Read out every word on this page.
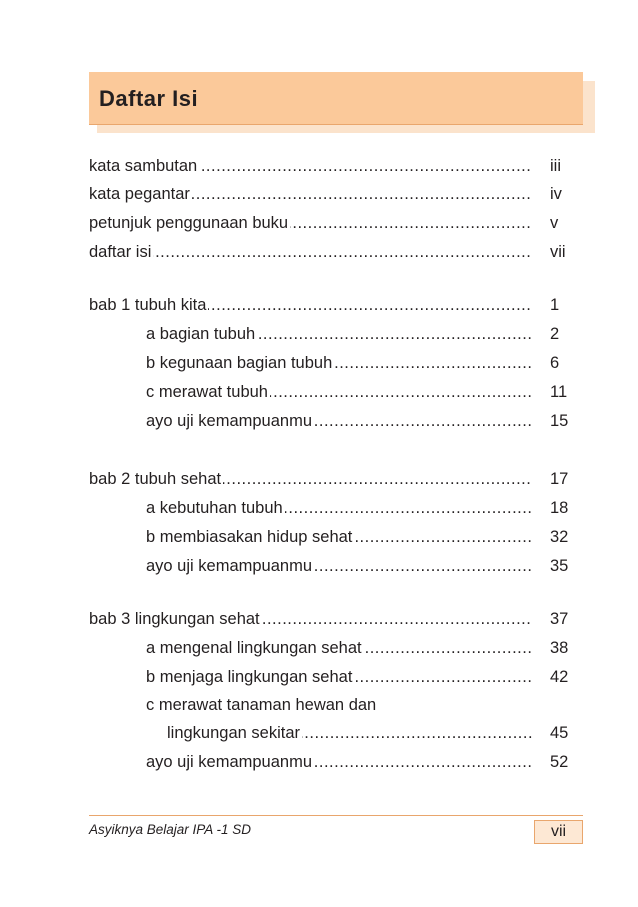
Daftar Isi
kata sambutan .....	iii
kata pegantar .....	iv
petunjuk penggunaan buku .....	v
daftar isi .....	vii
bab 1 tubuh kita .....	1
a bagian tubuh .....	2
b kegunaan bagian tubuh .....	6
c merawat tubuh .....	11
ayo uji kemampuanmu .....	15
bab 2 tubuh sehat .....	17
a kebutuhan tubuh .....	18
b membiasakan hidup sehat .....	32
ayo uji kemampuanmu .....	35
bab 3 lingkungan sehat .....	37
a mengenal lingkungan sehat .....	38
b menjaga lingkungan sehat .....	42
c merawat tanaman hewan dan
lingkungan sekitar .....	45
ayo uji kemampuanmu .....	52
Asyiknya Belajar IPA -1 SD	vii
